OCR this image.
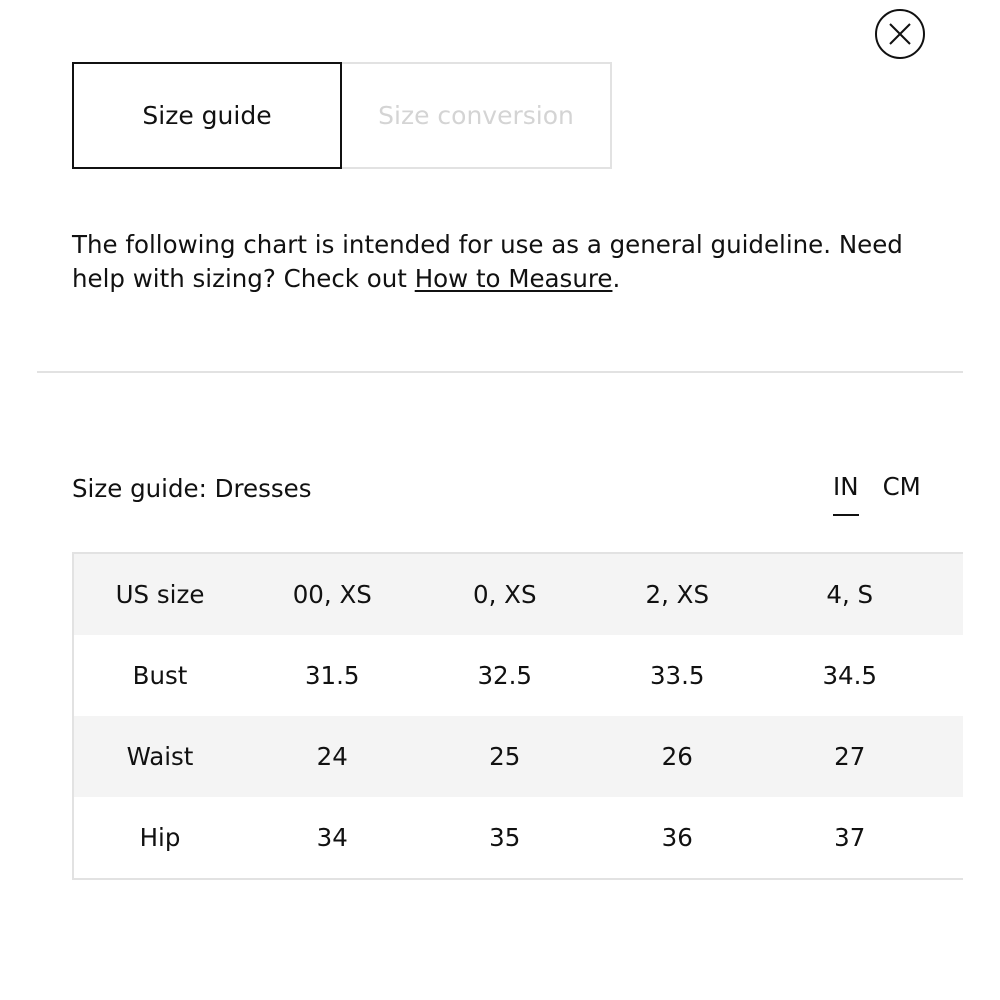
Size guide	Size conversion

The following chart is intended for use as a general guideline. Need help with sizing? Check out How to Measure.

Size guide: Dresses	IN CM
US size	00, XS	0, XS	2, XS	4, S
Bust	31.5	32.5	33.5	34.5
Waist	24	25	26	27
Hip	34	35	36	37
